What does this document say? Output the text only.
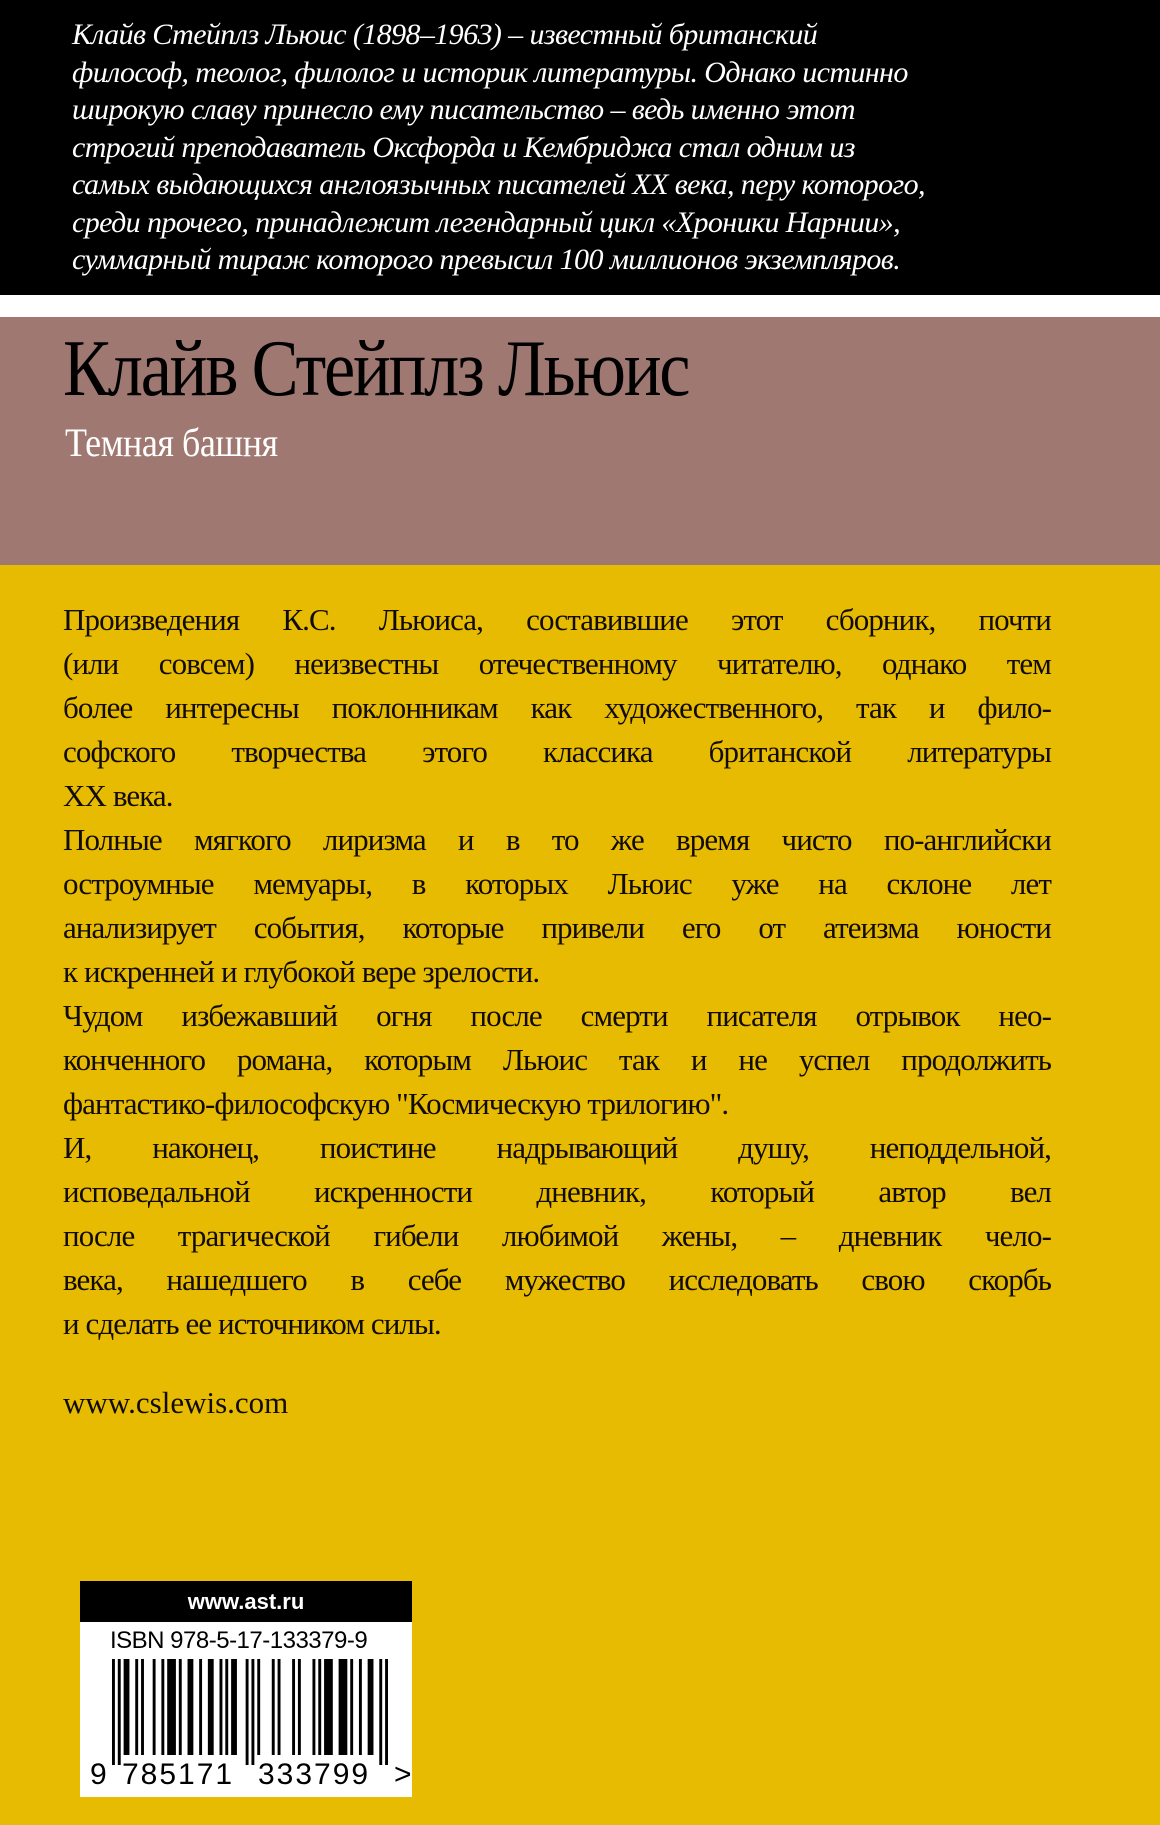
Клайв Стейплз Льюис (1898–1963) – известный британский
философ, теолог, филолог и историк литературы. Однако истинно
широкую славу принесло ему писательство – ведь именно этот
строгий преподаватель Оксфорда и Кембриджа стал одним из
самых выдающихся англоязычных писателей XX века, перу которого,
среди прочего, принадлежит легендарный цикл «Хроники Нарнии»,
суммарный тираж которого превысил 100 миллионов экземпляров.
Клайв Стейплз Льюис
Темная башня

Произведения К.С. Льюиса, составившие этот сборник, почти
(или совсем) неизвестны отечественному читателю, однако тем
более интересны поклонникам как художественного, так и фило-
софского творчества этого классика британской литературы
XX века.

Полные мягкого лиризма и в то же время чисто по-английски
остроумные мемуары, в которых Льюис уже на склоне лет
анализирует события, которые привели его от атеизма юности
к искренней и глубокой вере зрелости.

Чудом избежавший огня после смерти писателя отрывок нео-
конченного романа, которым Льюис так и не успел продолжить
фантастико-философскую "Космическую трилогию".

И, наконец, поистине надрывающий душу, неподдельной,
исповедальной искренности дневник, который автор вел
после трагической гибели любимой жены, – дневник чело-
века, нашедшего в себе мужество исследовать свою скорбь
и сделать ее источником силы.

www.cslewis.com
www.ast.ru
ISBN 978-5-17-133379-9
9 785171 333799 >
